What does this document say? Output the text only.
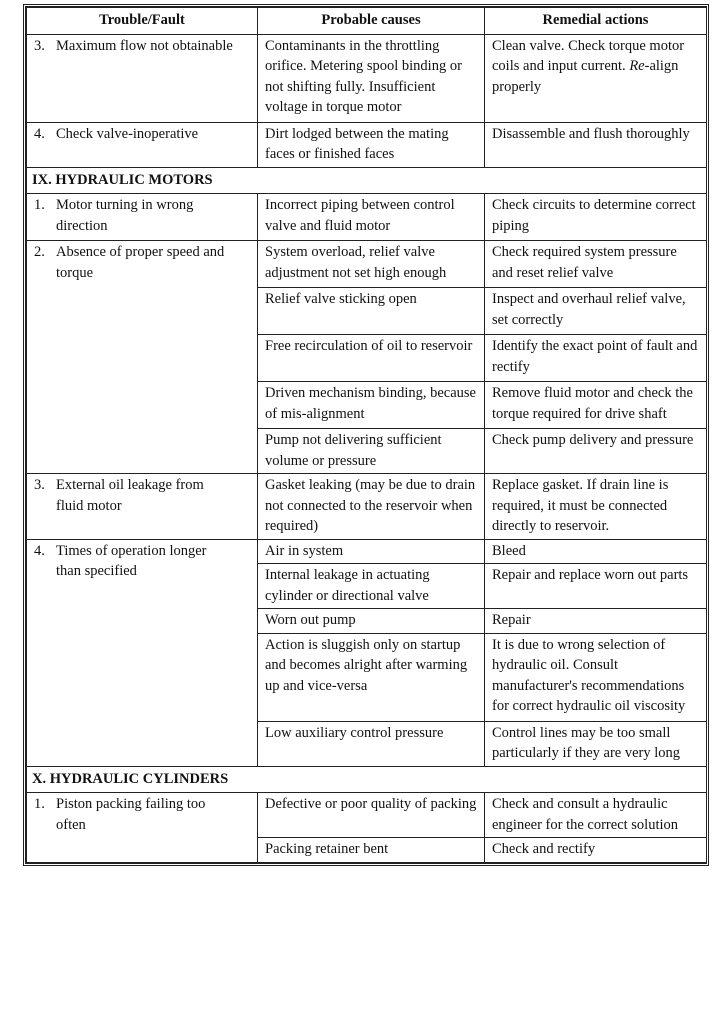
Trouble/Fault	Probable causes	Remedial actions
3. Maximum flow not obtainable	Contaminants in the throttling orifice. Metering spool binding or not shifting fully. Insufficient voltage in torque motor	Clean valve. Check torque motor coils and input current. Re-align properly
4. Check valve-inoperative	Dirt lodged between the mating faces or finished faces	Disassemble and flush thoroughly
IX. HYDRAULIC MOTORS		
1. Motor turning in wrong direction	Incorrect piping between control valve and fluid motor	Check circuits to determine correct piping
2. Absence of proper speed and torque	System overload, relief valve adjustment not set high enough	Check required system pressure and reset relief valve
	Relief valve sticking open	Inspect and overhaul relief valve, set correctly
	Free recirculation of oil to reservoir	Identify the exact point of fault and rectify
	Driven mechanism binding, because of mis-alignment	Remove fluid motor and check the torque required for drive shaft
	Pump not delivering sufficient volume or pressure	Check pump delivery and pressure
3. External oil leakage from fluid motor	Gasket leaking (may be due to drain not connected to the reservoir when required)	Replace gasket. If drain line is required, it must be connected directly to reservoir.
4. Times of operation longer than specified	Air in system	Bleed
	Internal leakage in actuating cylinder or directional valve	Repair and replace worn out parts
	Worn out pump	Repair
	Action is sluggish only on startup and becomes alright after warming up and vice-versa	It is due to wrong selection of hydraulic oil. Consult manufacturer's recommendations for correct hydraulic oil viscosity
	Low auxiliary control pressure	Control lines may be too small particularly if they are very long
X. HYDRAULIC CYLINDERS		
1. Piston packing failing too often	Defective or poor quality of packing	Check and consult a hydraulic engineer for the correct solution
	Packing retainer bent	Check and rectify
